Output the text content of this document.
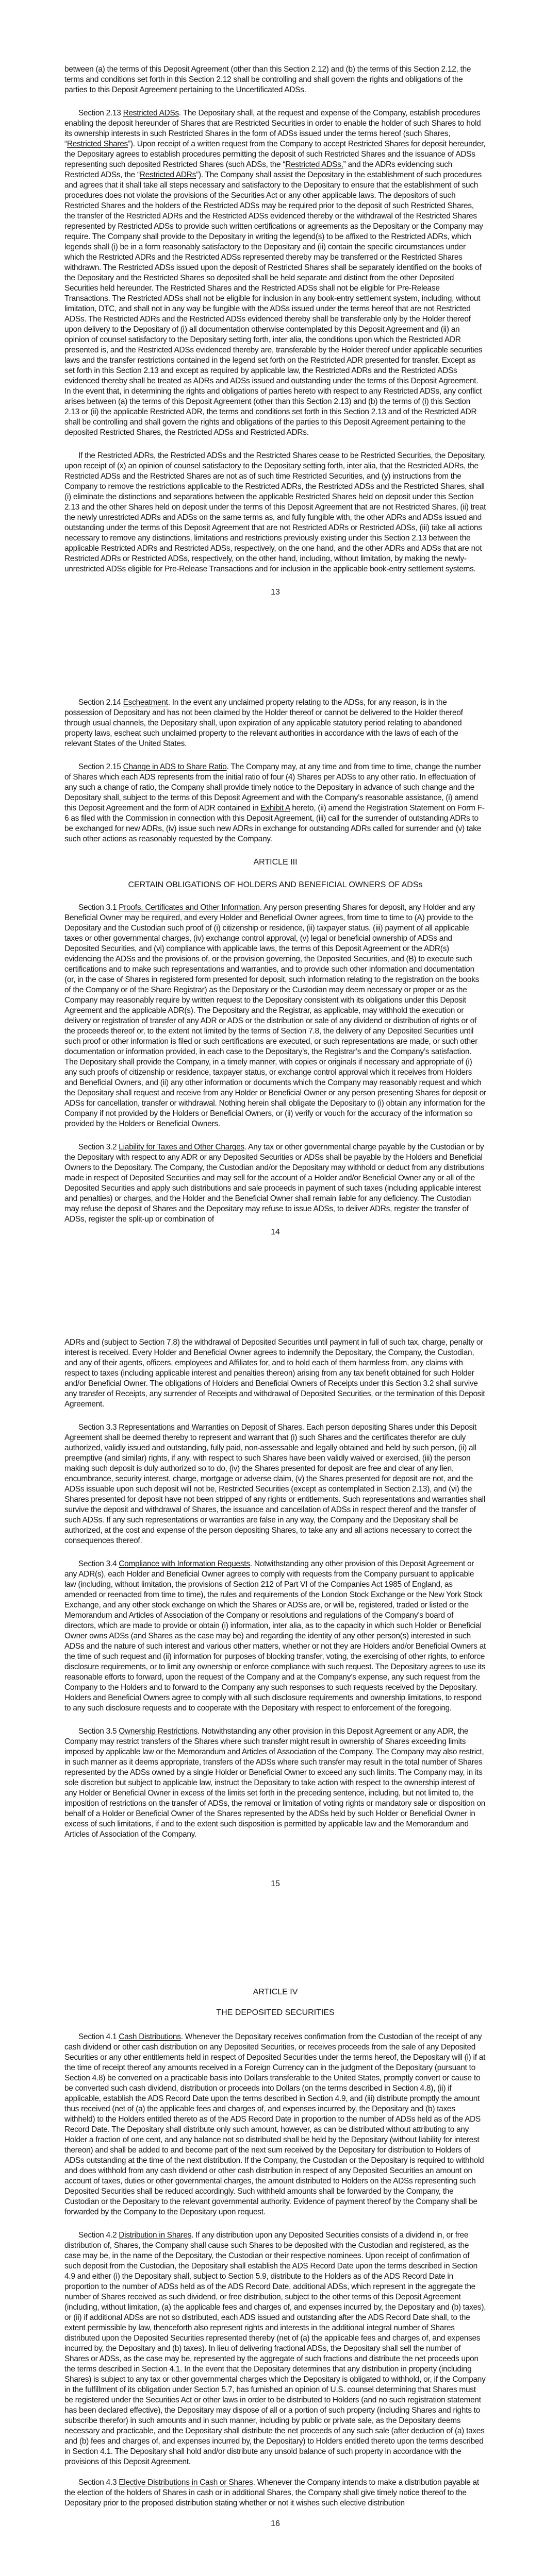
between (a) the terms of this Deposit Agreement (other than this Section 2.12) and (b) the terms of this Section 2.12, the terms and conditions set forth in this Section 2.12 shall be controlling and shall govern the rights and obligations of the parties to this Deposit Agreement pertaining to the Uncertificated ADSs.

Section 2.13 Restricted ADSs. The Depositary shall, at the request and expense of the Company, establish procedures enabling the deposit hereunder of Shares that are Restricted Securities in order to enable the holder of such Shares to hold its ownership interests in such Restricted Shares in the form of ADSs issued under the terms hereof (such Shares, “Restricted Shares”). Upon receipt of a written request from the Company to accept Restricted Shares for deposit hereunder, the Depositary agrees to establish procedures permitting the deposit of such Restricted Shares and the issuance of ADSs representing such deposited Restricted Shares (such ADSs, the “Restricted ADSs,” and the ADRs evidencing such Restricted ADSs, the “Restricted ADRs”). The Company shall assist the Depositary in the establishment of such procedures and agrees that it shall take all steps necessary and satisfactory to the Depositary to ensure that the establishment of such procedures does not violate the provisions of the Securities Act or any other applicable laws. The depositors of such Restricted Shares and the holders of the Restricted ADSs may be required prior to the deposit of such Restricted Shares, the transfer of the Restricted ADRs and the Restricted ADSs evidenced thereby or the withdrawal of the Restricted Shares represented by Restricted ADSs to provide such written certifications or agreements as the Depositary or the Company may require. The Company shall provide to the Depositary in writing the legend(s) to be affixed to the Restricted ADRs, which legends shall (i) be in a form reasonably satisfactory to the Depositary and (ii) contain the specific circumstances under which the Restricted ADRs and the Restricted ADSs represented thereby may be transferred or the Restricted Shares withdrawn. The Restricted ADSs issued upon the deposit of Restricted Shares shall be separately identified on the books of the Depositary and the Restricted Shares so deposited shall be held separate and distinct from the other Deposited Securities held hereunder. The Restricted Shares and the Restricted ADSs shall not be eligible for Pre-Release Transactions. The Restricted ADSs shall not be eligible for inclusion in any book-entry settlement system, including, without limitation, DTC, and shall not in any way be fungible with the ADSs issued under the terms hereof that are not Restricted ADSs. The Restricted ADRs and the Restricted ADSs evidenced thereby shall be transferable only by the Holder thereof upon delivery to the Depositary of (i) all documentation otherwise contemplated by this Deposit Agreement and (ii) an opinion of counsel satisfactory to the Depositary setting forth, inter alia, the conditions upon which the Restricted ADR presented is, and the Restricted ADSs evidenced thereby are, transferable by the Holder thereof under applicable securities laws and the transfer restrictions contained in the legend set forth on the Restricted ADR presented for transfer. Except as set forth in this Section 2.13 and except as required by applicable law, the Restricted ADRs and the Restricted ADSs evidenced thereby shall be treated as ADRs and ADSs issued and outstanding under the terms of this Deposit Agreement. In the event that, in determining the rights and obligations of parties hereto with respect to any Restricted ADSs, any conflict arises between (a) the terms of this Deposit Agreement (other than this Section 2.13) and (b) the terms of (i) this Section 2.13 or (ii) the applicable Restricted ADR, the terms and conditions set forth in this Section 2.13 and of the Restricted ADR shall be controlling and shall govern the rights and obligations of the parties to this Deposit Agreement pertaining to the deposited Restricted Shares, the Restricted ADSs and Restricted ADRs.

If the Restricted ADRs, the Restricted ADSs and the Restricted Shares cease to be Restricted Securities, the Depositary, upon receipt of (x) an opinion of counsel satisfactory to the Depositary setting forth, inter alia, that the Restricted ADRs, the Restricted ADSs and the Restricted Shares are not as of such time Restricted Securities, and (y) instructions from the Company to remove the restrictions applicable to the Restricted ADRs, the Restricted ADSs and the Restricted Shares, shall (i) eliminate the distinctions and separations between the applicable Restricted Shares held on deposit under this Section 2.13 and the other Shares held on deposit under the terms of this Deposit Agreement that are not Restricted Shares, (ii) treat the newly unrestricted ADRs and ADSs on the same terms as, and fully fungible with, the other ADRs and ADSs issued and outstanding under the terms of this Deposit Agreement that are not Restricted ADRs or Restricted ADSs, (iii) take all actions necessary to remove any distinctions, limitations and restrictions previously existing under this Section 2.13 between the applicable Restricted ADRs and Restricted ADSs, respectively, on the one hand, and the other ADRs and ADSs that are not Restricted ADRs or Restricted ADSs, respectively, on the other hand, including, without limitation, by making the newly-unrestricted ADSs eligible for Pre-Release Transactions and for inclusion in the applicable book-entry settlement systems.

13

Section 2.14 Escheatment. In the event any unclaimed property relating to the ADSs, for any reason, is in the possession of Depositary and has not been claimed by the Holder thereof or cannot be delivered to the Holder thereof through usual channels, the Depositary shall, upon expiration of any applicable statutory period relating to abandoned property laws, escheat such unclaimed property to the relevant authorities in accordance with the laws of each of the relevant States of the United States.

Section 2.15 Change in ADS to Share Ratio. The Company may, at any time and from time to time, change the number of Shares which each ADS represents from the initial ratio of four (4) Shares per ADSs to any other ratio. In effectuation of any such a change of ratio, the Company shall provide timely notice to the Depositary in advance of such change and the Depositary shall, subject to the terms of this Deposit Agreement and with the Company’s reasonable assistance, (i) amend this Deposit Agreement and the form of ADR contained in Exhibit A hereto, (ii) amend the Registration Statement on Form F-6 as filed with the Commission in connection with this Deposit Agreement, (iii) call for the surrender of outstanding ADRs to be exchanged for new ADRs, (iv) issue such new ADRs in exchange for outstanding ADRs called for surrender and (v) take such other actions as reasonably requested by the Company.

ARTICLE III

CERTAIN OBLIGATIONS OF HOLDERS AND BENEFICIAL OWNERS OF ADSs

Section 3.1 Proofs, Certificates and Other Information. Any person presenting Shares for deposit, any Holder and any Beneficial Owner may be required, and every Holder and Beneficial Owner agrees, from time to time to (A) provide to the Depositary and the Custodian such proof of (i) citizenship or residence, (ii) taxpayer status, (iii) payment of all applicable taxes or other governmental charges, (iv) exchange control approval, (v) legal or beneficial ownership of ADSs and Deposited Securities, and (vi) compliance with applicable laws, the terms of this Deposit Agreement or the ADR(s) evidencing the ADSs and the provisions of, or the provision governing, the Deposited Securities, and (B) to execute such certifications and to make such representations and warranties, and to provide such other information and documentation (or, in the case of Shares in registered form presented for deposit, such information relating to the registration on the books of the Company or of the Share Registrar) as the Depositary or the Custodian may deem necessary or proper or as the Company may reasonably require by written request to the Depositary consistent with its obligations under this Deposit Agreement and the applicable ADR(s). The Depositary and the Registrar, as applicable, may withhold the execution or delivery or registration of transfer of any ADR or ADS or the distribution or sale of any dividend or distribution of rights or of the proceeds thereof or, to the extent not limited by the terms of Section 7.8, the delivery of any Deposited Securities until such proof or other information is filed or such certifications are executed, or such representations are made, or such other documentation or information provided, in each case to the Depositary’s, the Registrar’s and the Company’s satisfaction. The Depositary shall provide the Company, in a timely manner, with copies or originals if necessary and appropriate of (i) any such proofs of citizenship or residence, taxpayer status, or exchange control approval which it receives from Holders and Beneficial Owners, and (ii) any other information or documents which the Company may reasonably request and which the Depositary shall request and receive from any Holder or Beneficial Owner or any person presenting Shares for deposit or ADSs for cancellation, transfer or withdrawal. Nothing herein shall obligate the Depositary to (i) obtain any information for the Company if not provided by the Holders or Beneficial Owners, or (ii) verify or vouch for the accuracy of the information so provided by the Holders or Beneficial Owners.

Section 3.2 Liability for Taxes and Other Charges. Any tax or other governmental charge payable by the Custodian or by the Depositary with respect to any ADR or any Deposited Securities or ADSs shall be payable by the Holders and Beneficial Owners to the Depositary. The Company, the Custodian and/or the Depositary may withhold or deduct from any distributions made in respect of Deposited Securities and may sell for the account of a Holder and/or Beneficial Owner any or all of the Deposited Securities and apply such distributions and sale proceeds in payment of such taxes (including applicable interest and penalties) or charges, and the Holder and the Beneficial Owner shall remain liable for any deficiency. The Custodian may refuse the deposit of Shares and the Depositary may refuse to issue ADSs, to deliver ADRs, register the transfer of ADSs, register the split-up or combination of

14

ADRs and (subject to Section 7.8) the withdrawal of Deposited Securities until payment in full of such tax, charge, penalty or interest is received. Every Holder and Beneficial Owner agrees to indemnify the Depositary, the Company, the Custodian, and any of their agents, officers, employees and Affiliates for, and to hold each of them harmless from, any claims with respect to taxes (including applicable interest and penalties thereon) arising from any tax benefit obtained for such Holder and/or Beneficial Owner. The obligations of Holders and Beneficial Owners of Receipts under this Section 3.2 shall survive any transfer of Receipts, any surrender of Receipts and withdrawal of Deposited Securities, or the termination of this Deposit Agreement.

Section 3.3 Representations and Warranties on Deposit of Shares. Each person depositing Shares under this Deposit Agreement shall be deemed thereby to represent and warrant that (i) such Shares and the certificates therefor are duly authorized, validly issued and outstanding, fully paid, non-assessable and legally obtained and held by such person, (ii) all preemptive (and similar) rights, if any, with respect to such Shares have been validly waived or exercised, (iii) the person making such deposit is duly authorized so to do, (iv) the Shares presented for deposit are free and clear of any lien, encumbrance, security interest, charge, mortgage or adverse claim, (v) the Shares presented for deposit are not, and the ADSs issuable upon such deposit will not be, Restricted Securities (except as contemplated in Section 2.13), and (vi) the Shares presented for deposit have not been stripped of any rights or entitlements. Such representations and warranties shall survive the deposit and withdrawal of Shares, the issuance and cancellation of ADSs in respect thereof and the transfer of such ADSs. If any such representations or warranties are false in any way, the Company and the Depositary shall be authorized, at the cost and expense of the person depositing Shares, to take any and all actions necessary to correct the consequences thereof.

Section 3.4 Compliance with Information Requests. Notwithstanding any other provision of this Deposit Agreement or any ADR(s), each Holder and Beneficial Owner agrees to comply with requests from the Company pursuant to applicable law (including, without limitation, the provisions of Section 212 of Part VI of the Companies Act 1985 of England, as amended or reenacted from time to time), the rules and requirements of the London Stock Exchange or the New York Stock Exchange, and any other stock exchange on which the Shares or ADSs are, or will be, registered, traded or listed or the Memorandum and Articles of Association of the Company or resolutions and regulations of the Company’s board of directors, which are made to provide or obtain (i) information, inter alia, as to the capacity in which such Holder or Beneficial Owner owns ADSs (and Shares as the case may be) and regarding the identity of any other person(s) interested in such ADSs and the nature of such interest and various other matters, whether or not they are Holders and/or Beneficial Owners at the time of such request and (ii) information for purposes of blocking transfer, voting, the exercising of other rights, to enforce disclosure requirements, or to limit any ownership or enforce compliance with such request. The Depositary agrees to use its reasonable efforts to forward, upon the request of the Company and at the Company’s expense, any such request from the Company to the Holders and to forward to the Company any such responses to such requests received by the Depositary. Holders and Beneficial Owners agree to comply with all such disclosure requirements and ownership limitations, to respond to any such disclosure requests and to cooperate with the Depositary with respect to enforcement of the foregoing.

Section 3.5 Ownership Restrictions. Notwithstanding any other provision in this Deposit Agreement or any ADR, the Company may restrict transfers of the Shares where such transfer might result in ownership of Shares exceeding limits imposed by applicable law or the Memorandum and Articles of Association of the Company. The Company may also restrict, in such manner as it deems appropriate, transfers of the ADSs where such transfer may result in the total number of Shares represented by the ADSs owned by a single Holder or Beneficial Owner to exceed any such limits. The Company may, in its sole discretion but subject to applicable law, instruct the Depositary to take action with respect to the ownership interest of any Holder or Beneficial Owner in excess of the limits set forth in the preceding sentence, including, but not limited to, the imposition of restrictions on the transfer of ADSs, the removal or limitation of voting rights or mandatory sale or disposition on behalf of a Holder or Beneficial Owner of the Shares represented by the ADSs held by such Holder or Beneficial Owner in excess of such limitations, if and to the extent such disposition is permitted by applicable law and the Memorandum and Articles of Association of the Company.

15

ARTICLE IV

THE DEPOSITED SECURITIES

Section 4.1 Cash Distributions. Whenever the Depositary receives confirmation from the Custodian of the receipt of any cash dividend or other cash distribution on any Deposited Securities, or receives proceeds from the sale of any Deposited Securities or any other entitlements held in respect of Deposited Securities under the terms hereof, the Depositary will (i) if at the time of receipt thereof any amounts received in a Foreign Currency can in the judgment of the Depositary (pursuant to Section 4.8) be converted on a practicable basis into Dollars transferable to the United States, promptly convert or cause to be converted such cash dividend, distribution or proceeds into Dollars (on the terms described in Section 4.8), (ii) if applicable, establish the ADS Record Date upon the terms described in Section 4.9, and (iii) distribute promptly the amount thus received (net of (a) the applicable fees and charges of, and expenses incurred by, the Depositary and (b) taxes withheld) to the Holders entitled thereto as of the ADS Record Date in proportion to the number of ADSs held as of the ADS Record Date. The Depositary shall distribute only such amount, however, as can be distributed without attributing to any Holder a fraction of one cent, and any balance not so distributed shall be held by the Depositary (without liability for interest thereon) and shall be added to and become part of the next sum received by the Depositary for distribution to Holders of ADSs outstanding at the time of the next distribution. If the Company, the Custodian or the Depositary is required to withhold and does withhold from any cash dividend or other cash distribution in respect of any Deposited Securities an amount on account of taxes, duties or other governmental charges, the amount distributed to Holders on the ADSs representing such Deposited Securities shall be reduced accordingly. Such withheld amounts shall be forwarded by the Company, the Custodian or the Depositary to the relevant governmental authority. Evidence of payment thereof by the Company shall be forwarded by the Company to the Depositary upon request.

Section 4.2 Distribution in Shares. If any distribution upon any Deposited Securities consists of a dividend in, or free distribution of, Shares, the Company shall cause such Shares to be deposited with the Custodian and registered, as the case may be, in the name of the Depositary, the Custodian or their respective nominees. Upon receipt of confirmation of such deposit from the Custodian, the Depositary shall establish the ADS Record Date upon the terms described in Section 4.9 and either (i) the Depositary shall, subject to Section 5.9, distribute to the Holders as of the ADS Record Date in proportion to the number of ADSs held as of the ADS Record Date, additional ADSs, which represent in the aggregate the number of Shares received as such dividend, or free distribution, subject to the other terms of this Deposit Agreement (including, without limitation, (a) the applicable fees and charges of, and expenses incurred by, the Depositary and (b) taxes), or (ii) if additional ADSs are not so distributed, each ADS issued and outstanding after the ADS Record Date shall, to the extent permissible by law, thenceforth also represent rights and interests in the additional integral number of Shares distributed upon the Deposited Securities represented thereby (net of (a) the applicable fees and charges of, and expenses incurred by, the Depositary and (b) taxes). In lieu of delivering fractional ADSs, the Depositary shall sell the number of Shares or ADSs, as the case may be, represented by the aggregate of such fractions and distribute the net proceeds upon the terms described in Section 4.1. In the event that the Depositary determines that any distribution in property (including Shares) is subject to any tax or other governmental charges which the Depositary is obligated to withhold, or, if the Company in the fulfillment of its obligation under Section 5.7, has furnished an opinion of U.S. counsel determining that Shares must be registered under the Securities Act or other laws in order to be distributed to Holders (and no such registration statement has been declared effective), the Depositary may dispose of all or a portion of such property (including Shares and rights to subscribe therefor) in such amounts and in such manner, including by public or private sale, as the Depositary deems necessary and practicable, and the Depositary shall distribute the net proceeds of any such sale (after deduction of (a) taxes and (b) fees and charges of, and expenses incurred by, the Depositary) to Holders entitled thereto upon the terms described in Section 4.1. The Depositary shall hold and/or distribute any unsold balance of such property in accordance with the provisions of this Deposit Agreement.

Section 4.3 Elective Distributions in Cash or Shares. Whenever the Company intends to make a distribution payable at the election of the holders of Shares in cash or in additional Shares, the Company shall give timely notice thereof to the Depositary prior to the proposed distribution stating whether or not it wishes such elective distribution

16
